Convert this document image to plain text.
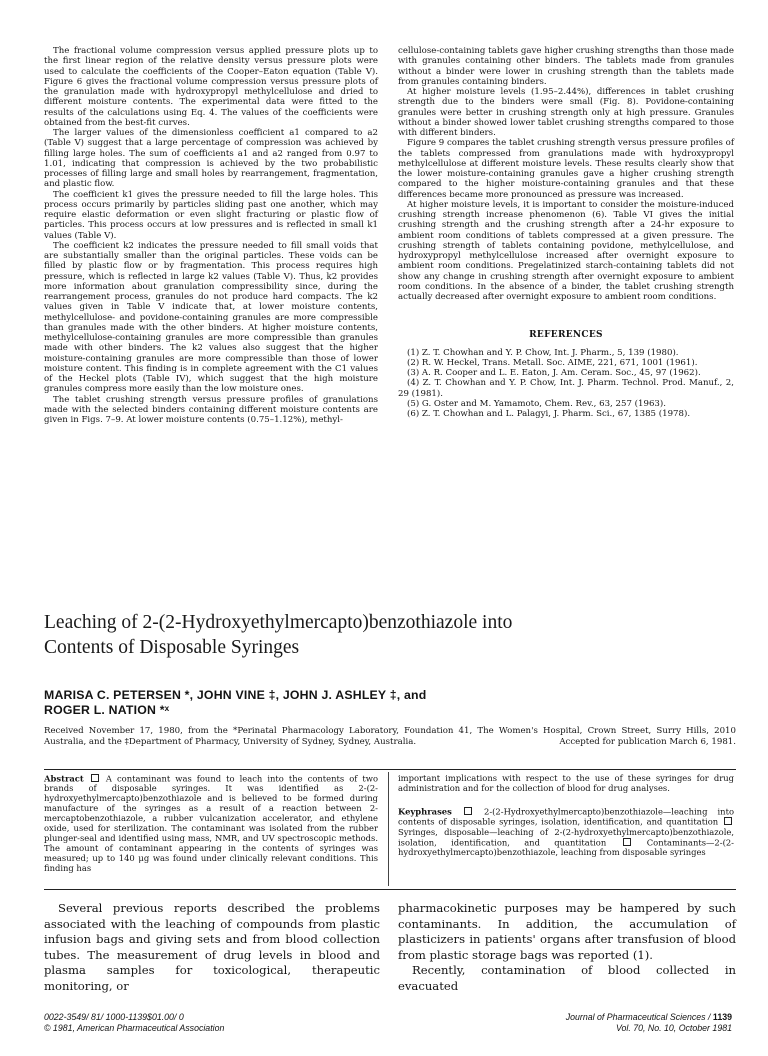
The fractional volume compression versus applied pressure plots up to the first linear region of the relative density versus pressure plots were used to calculate the coefficients of the Cooper–Eaton equation (Table V). Figure 6 gives the fractional volume compression versus pressure plots of the granulation made with hydroxypropyl methylcellulose and dried to different moisture contents. The experimental data were fitted to the results of the calculations using Eq. 4. The values of the coefficients were obtained from the best-fit curves.

The larger values of the dimensionless coefficient a1 compared to a2 (Table V) suggest that a large percentage of compression was achieved by filling large holes. The sum of coefficients a1 and a2 ranged from 0.97 to 1.01, indicating that compression is achieved by the two probabilistic processes of filling large and small holes by rearrangement, fragmentation, and plastic flow.

The coefficient k1 gives the pressure needed to fill the large holes. This process occurs primarily by particles sliding past one another, which may require elastic deformation or even slight fracturing or plastic flow of particles. This process occurs at low pressures and is reflected in small k1 values (Table V).

The coefficient k2 indicates the pressure needed to fill small voids that are substantially smaller than the original particles. These voids can be filled by plastic flow or by fragmentation. This process requires high pressure, which is reflected in large k2 values (Table V). Thus, k2 provides more information about granulation compressibility since, during the rearrangement process, granules do not produce hard compacts. The k2 values given in Table V indicate that, at lower moisture contents, methylcellulose- and povidone-containing granules are more compressible than granules made with the other binders. At higher moisture contents, methylcellulose-containing granules are more compressible than granules made with other binders. The k2 values also suggest that the higher moisture-containing granules are more compressible than those of lower moisture content. This finding is in complete agreement with the C1 values of the Heckel plots (Table IV), which suggest that the high moisture granules compress more easily than the low moisture ones.

The tablet crushing strength versus pressure profiles of granulations made with the selected binders containing different moisture contents are given in Figs. 7–9. At lower moisture contents (0.75–1.12%), methyl-

cellulose-containing tablets gave higher crushing strengths than those made with granules containing other binders. The tablets made from granules without a binder were lower in crushing strength than the tablets made from granules containing binders.

At higher moisture levels (1.95–2.44%), differences in tablet crushing strength due to the binders were small (Fig. 8). Povidone-containing granules were better in crushing strength only at high pressure. Granules without a binder showed lower tablet crushing strengths compared to those with different binders.

Figure 9 compares the tablet crushing strength versus pressure profiles of the tablets compressed from granulations made with hydroxypropyl methylcellulose at different moisture levels. These results clearly show that the lower moisture-containing granules gave a higher crushing strength compared to the higher moisture-containing granules and that these differences became more pronounced as pressure was increased.

At higher moisture levels, it is important to consider the moisture-induced crushing strength increase phenomenon (6). Table VI gives the initial crushing strength and the crushing strength after a 24-hr exposure to ambient room conditions of tablets compressed at a given pressure. The crushing strength of tablets containing povidone, methylcellulose, and hydroxypropyl methylcellulose increased after overnight exposure to ambient room conditions. Pregelatinized starch-containing tablets did not show any change in crushing strength after overnight exposure to ambient room conditions. In the absence of a binder, the tablet crushing strength actually decreased after overnight exposure to ambient room conditions.

REFERENCES

(1) Z. T. Chowhan and Y. P. Chow, Int. J. Pharm., 5, 139 (1980).

(2) R. W. Heckel, Trans. Metall. Soc. AIME, 221, 671, 1001 (1961).

(3) A. R. Cooper and L. E. Eaton, J. Am. Ceram. Soc., 45, 97 (1962).

(4) Z. T. Chowhan and Y. P. Chow, Int. J. Pharm. Technol. Prod. Manuf., 2, 29 (1981).

(5) G. Oster and M. Yamamoto, Chem. Rev., 63, 257 (1963).

(6) Z. T. Chowhan and L. Palagyi, J. Pharm. Sci., 67, 1385 (1978).

Leaching of 2-(2-Hydroxyethylmercapto)benzothiazole into
Contents of Disposable Syringes
MARISA C. PETERSEN *, JOHN VINE ‡, JOHN J. ASHLEY ‡, and
ROGER L. NATION *ˣ
Received November 17, 1980, from the *Perinatal Pharmacology Laboratory, Foundation 41, The Women's Hospital, Crown Street, Surry Hills, 2010 Australia, and the ‡Department of Pharmacy, University of Sydney, Sydney, Australia.	Accepted for publication March 6, 1981.

Abstract	A contaminant was found to leach into the contents of two brands of disposable syringes. It was identified as 2-(2-hydroxyethylmercapto)benzothiazole and is believed to be formed during manufacture of the syringes as a result of a reaction between 2-mercaptobenzothiazole, a rubber vulcanization accelerator, and ethylene oxide, used for sterilization. The contaminant was isolated from the rubber plunger-seal and identified using mass, NMR, and UV spectroscopic methods. The amount of contaminant appearing in the contents of syringes was measured; up to 140 μg was found under clinically relevant conditions. This finding has

important implications with respect to the use of these syringes for drug administration and for the collection of blood for drug analyses.

Keyphrases	2-(2-Hydroxyethylmercapto)benzothiazole—leaching into contents of disposable syringes, isolation, identification, and quantitation  Syringes, disposable—leaching of 2-(2-hydroxyethylmercapto)benzothiazole, isolation, identification, and quantitation	Contaminants—2-(2-hydroxyethylmercapto)benzothiazole, leaching from disposable syringes

Several previous reports described the problems associated with the leaching of compounds from plastic infusion bags and giving sets and from blood collection tubes. The measurement of drug levels in blood and plasma samples for toxicological, therapeutic monitoring, or

pharmacokinetic purposes may be hampered by such contaminants. In addition, the accumulation of plasticizers in patients' organs after transfusion of blood from plastic storage bags was reported (1).

Recently, contamination of blood collected in evacuated

0022-3549/ 81/ 1000-1139$01.00/ 0
© 1981, American Pharmaceutical Association
Journal of Pharmaceutical Sciences / 1139
Vol. 70, No. 10, October 1981
